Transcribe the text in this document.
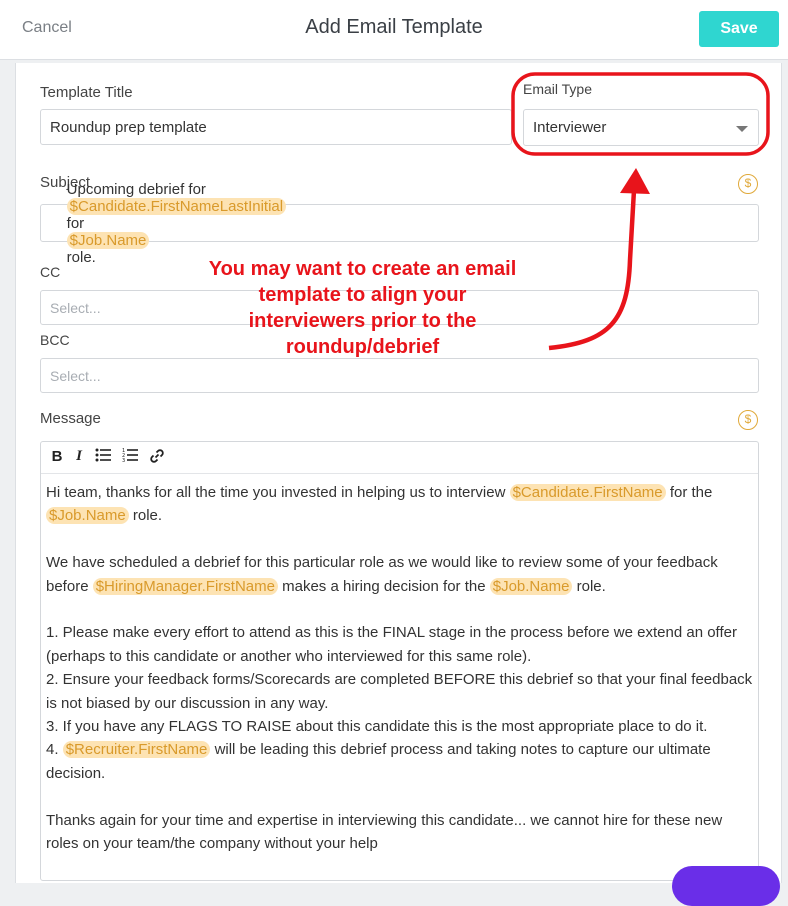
Cancel	Add Email Template	Save
Template Title
Roundup prep template
Email Type
Interviewer
Subject	$

Upcoming debrief for
$Candidate.FirstNameLastInitial
for
$Job.Name
role.

CC
Select...
BCC
Select...
Message	$
B I	1
2
3

Hi team, thanks for all the time you invested in helping us to interview $Candidate.FirstName for the $Job.Name role.

We have scheduled a debrief for this particular role as we would like to review some of your feedback before $HiringManager.FirstName makes a hiring decision for the $Job.Name role.

1. Please make every effort to attend as this is the FINAL stage in the process before we extend an offer (perhaps to this candidate or another who interviewed for this same role).

2. Ensure your feedback forms/Scorecards are completed BEFORE this debrief so that your final feedback is not biased by our discussion in any way.

3. If you have any FLAGS TO RAISE about this candidate this is the most appropriate place to do it.

4. $Recruiter.FirstName will be leading this debrief process and taking notes to capture our ultimate decision.

Thanks again for your time and expertise in interviewing this candidate... we cannot hire for these new roles on your team/the company without your help

You may want to create an email template to align your interviewers prior to the roundup/debrief
